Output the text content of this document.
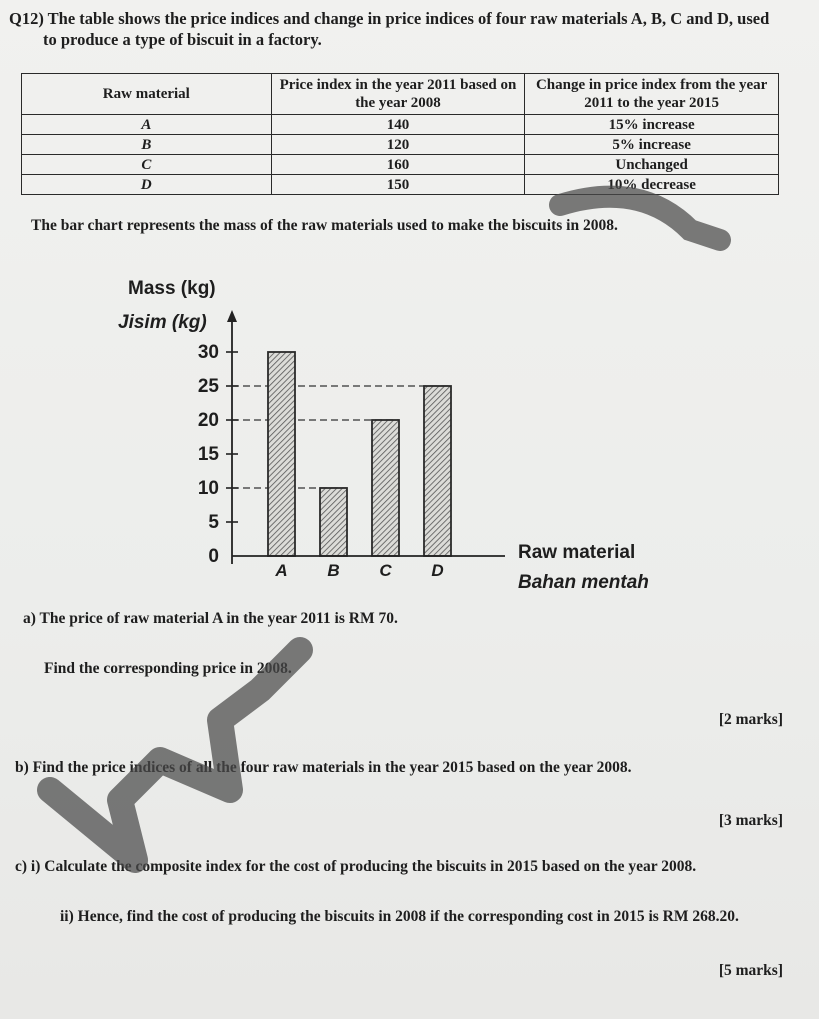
Q12) The table shows the price indices and change in price indices of four raw materials A, B, C and D, used
to produce a type of biscuit in a factory.
Raw material	Price index in the year 2011 based on the year 2008	Change in price index from the year 2011 to the year 2015
A	140	15% increase
B	120	5% increase
C	160	Unchanged
D	150	10% decrease
The bar chart represents the mass of the raw materials used to make the biscuits in 2008.
Mass (kg)
Jisim (kg)
Raw material
Bahan mentah
A B C D
0
5
10
15
20
25
30
a) The price of raw material A in the year 2011 is RM 70.
Find the corresponding price in 2008.
[2 marks]
b) Find the price indices of all the four raw materials in the year 2015 based on the year 2008.
[3 marks]
c) i) Calculate the composite index for the cost of producing the biscuits in 2015 based on the year 2008.
ii) Hence, find the cost of producing the biscuits in 2008 if the corresponding cost in 2015 is RM 268.20.
[5 marks]
